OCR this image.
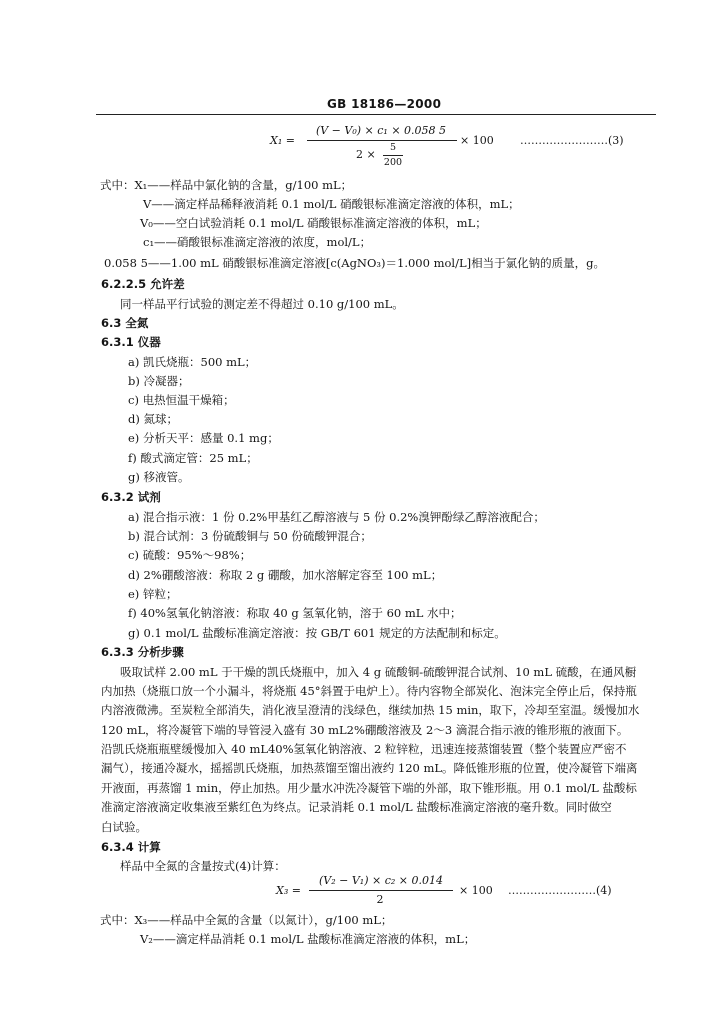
GB 18186—2000
X₁ =
(V − V₀) × c₁ × 0.058 5
2 ×
5
200
× 100 ……………………(3)
式中：X₁——样品中氯化钠的含量，g/100 mL；
V——滴定样品稀释液消耗 0.1 mol/L 硝酸银标准滴定溶液的体积，mL；
V₀——空白试验消耗 0.1 mol/L 硝酸银标准滴定溶液的体积，mL；
c₁——硝酸银标准滴定溶液的浓度，mol/L；
0.058 5——1.00 mL 硝酸银标准滴定溶液[c(AgNO₃)＝1.000 mol/L]相当于氯化钠的质量，g。
6.2.2.5 允许差
同一样品平行试验的测定差不得超过 0.10 g/100 mL。
6.3 全氮
6.3.1 仪器
a) 凯氏烧瓶：500 mL；
b) 冷凝器；
c) 电热恒温干燥箱；
d) 氮球；
e) 分析天平：感量 0.1 mg；
f) 酸式滴定管：25 mL；
g) 移液管。
6.3.2 试剂
a) 混合指示液：1 份 0.2%甲基红乙醇溶液与 5 份 0.2%溴钾酚绿乙醇溶液配合；
b) 混合试剂：3 份硫酸铜与 50 份硫酸钾混合；
c) 硫酸：95%～98%；
d) 2%硼酸溶液：称取 2 g 硼酸，加水溶解定容至 100 mL；
e) 锌粒；
f) 40%氢氧化钠溶液：称取 40 g 氢氧化钠，溶于 60 mL 水中；
g) 0.1 mol/L 盐酸标准滴定溶液：按 GB/T 601 规定的方法配制和标定。
6.3.3 分析步骤
吸取试样 2.00 mL 于干燥的凯氏烧瓶中，加入 4 g 硫酸铜-硫酸钾混合试剂、10 mL 硫酸，在通风橱
内加热（烧瓶口放一个小漏斗，将烧瓶 45°斜置于电炉上）。待内容物全部炭化、泡沫完全停止后，保持瓶
内溶液微沸。至炭粒全部消失，消化液呈澄清的浅绿色，继续加热 15 min，取下，冷却至室温。缓慢加水
120 mL，将冷凝管下端的导管浸入盛有 30 mL2%硼酸溶液及 2～3 滴混合指示液的锥形瓶的液面下。
沿凯氏烧瓶瓶壁缓慢加入 40 mL40%氢氧化钠溶液、2 粒锌粒，迅速连接蒸馏装置（整个装置应严密不
漏气），接通冷凝水，摇摇凯氏烧瓶，加热蒸馏至馏出液约 120 mL。降低锥形瓶的位置，使冷凝管下端离
开液面，再蒸馏 1 min，停止加热。用少量水冲洗冷凝管下端的外部，取下锥形瓶。用 0.1 mol/L 盐酸标
准滴定溶液滴定收集液至紫红色为终点。记录消耗 0.1 mol/L 盐酸标准滴定溶液的毫升数。同时做空
白试验。
6.3.4 计算
样品中全氮的含量按式(4)计算：
X₃ =
(V₂ − V₁) × c₂ × 0.014
2
× 100 ……………………(4)
式中：X₃——样品中全氮的含量（以氮计），g/100 mL；
V₂——滴定样品消耗 0.1 mol/L 盐酸标准滴定溶液的体积，mL；
